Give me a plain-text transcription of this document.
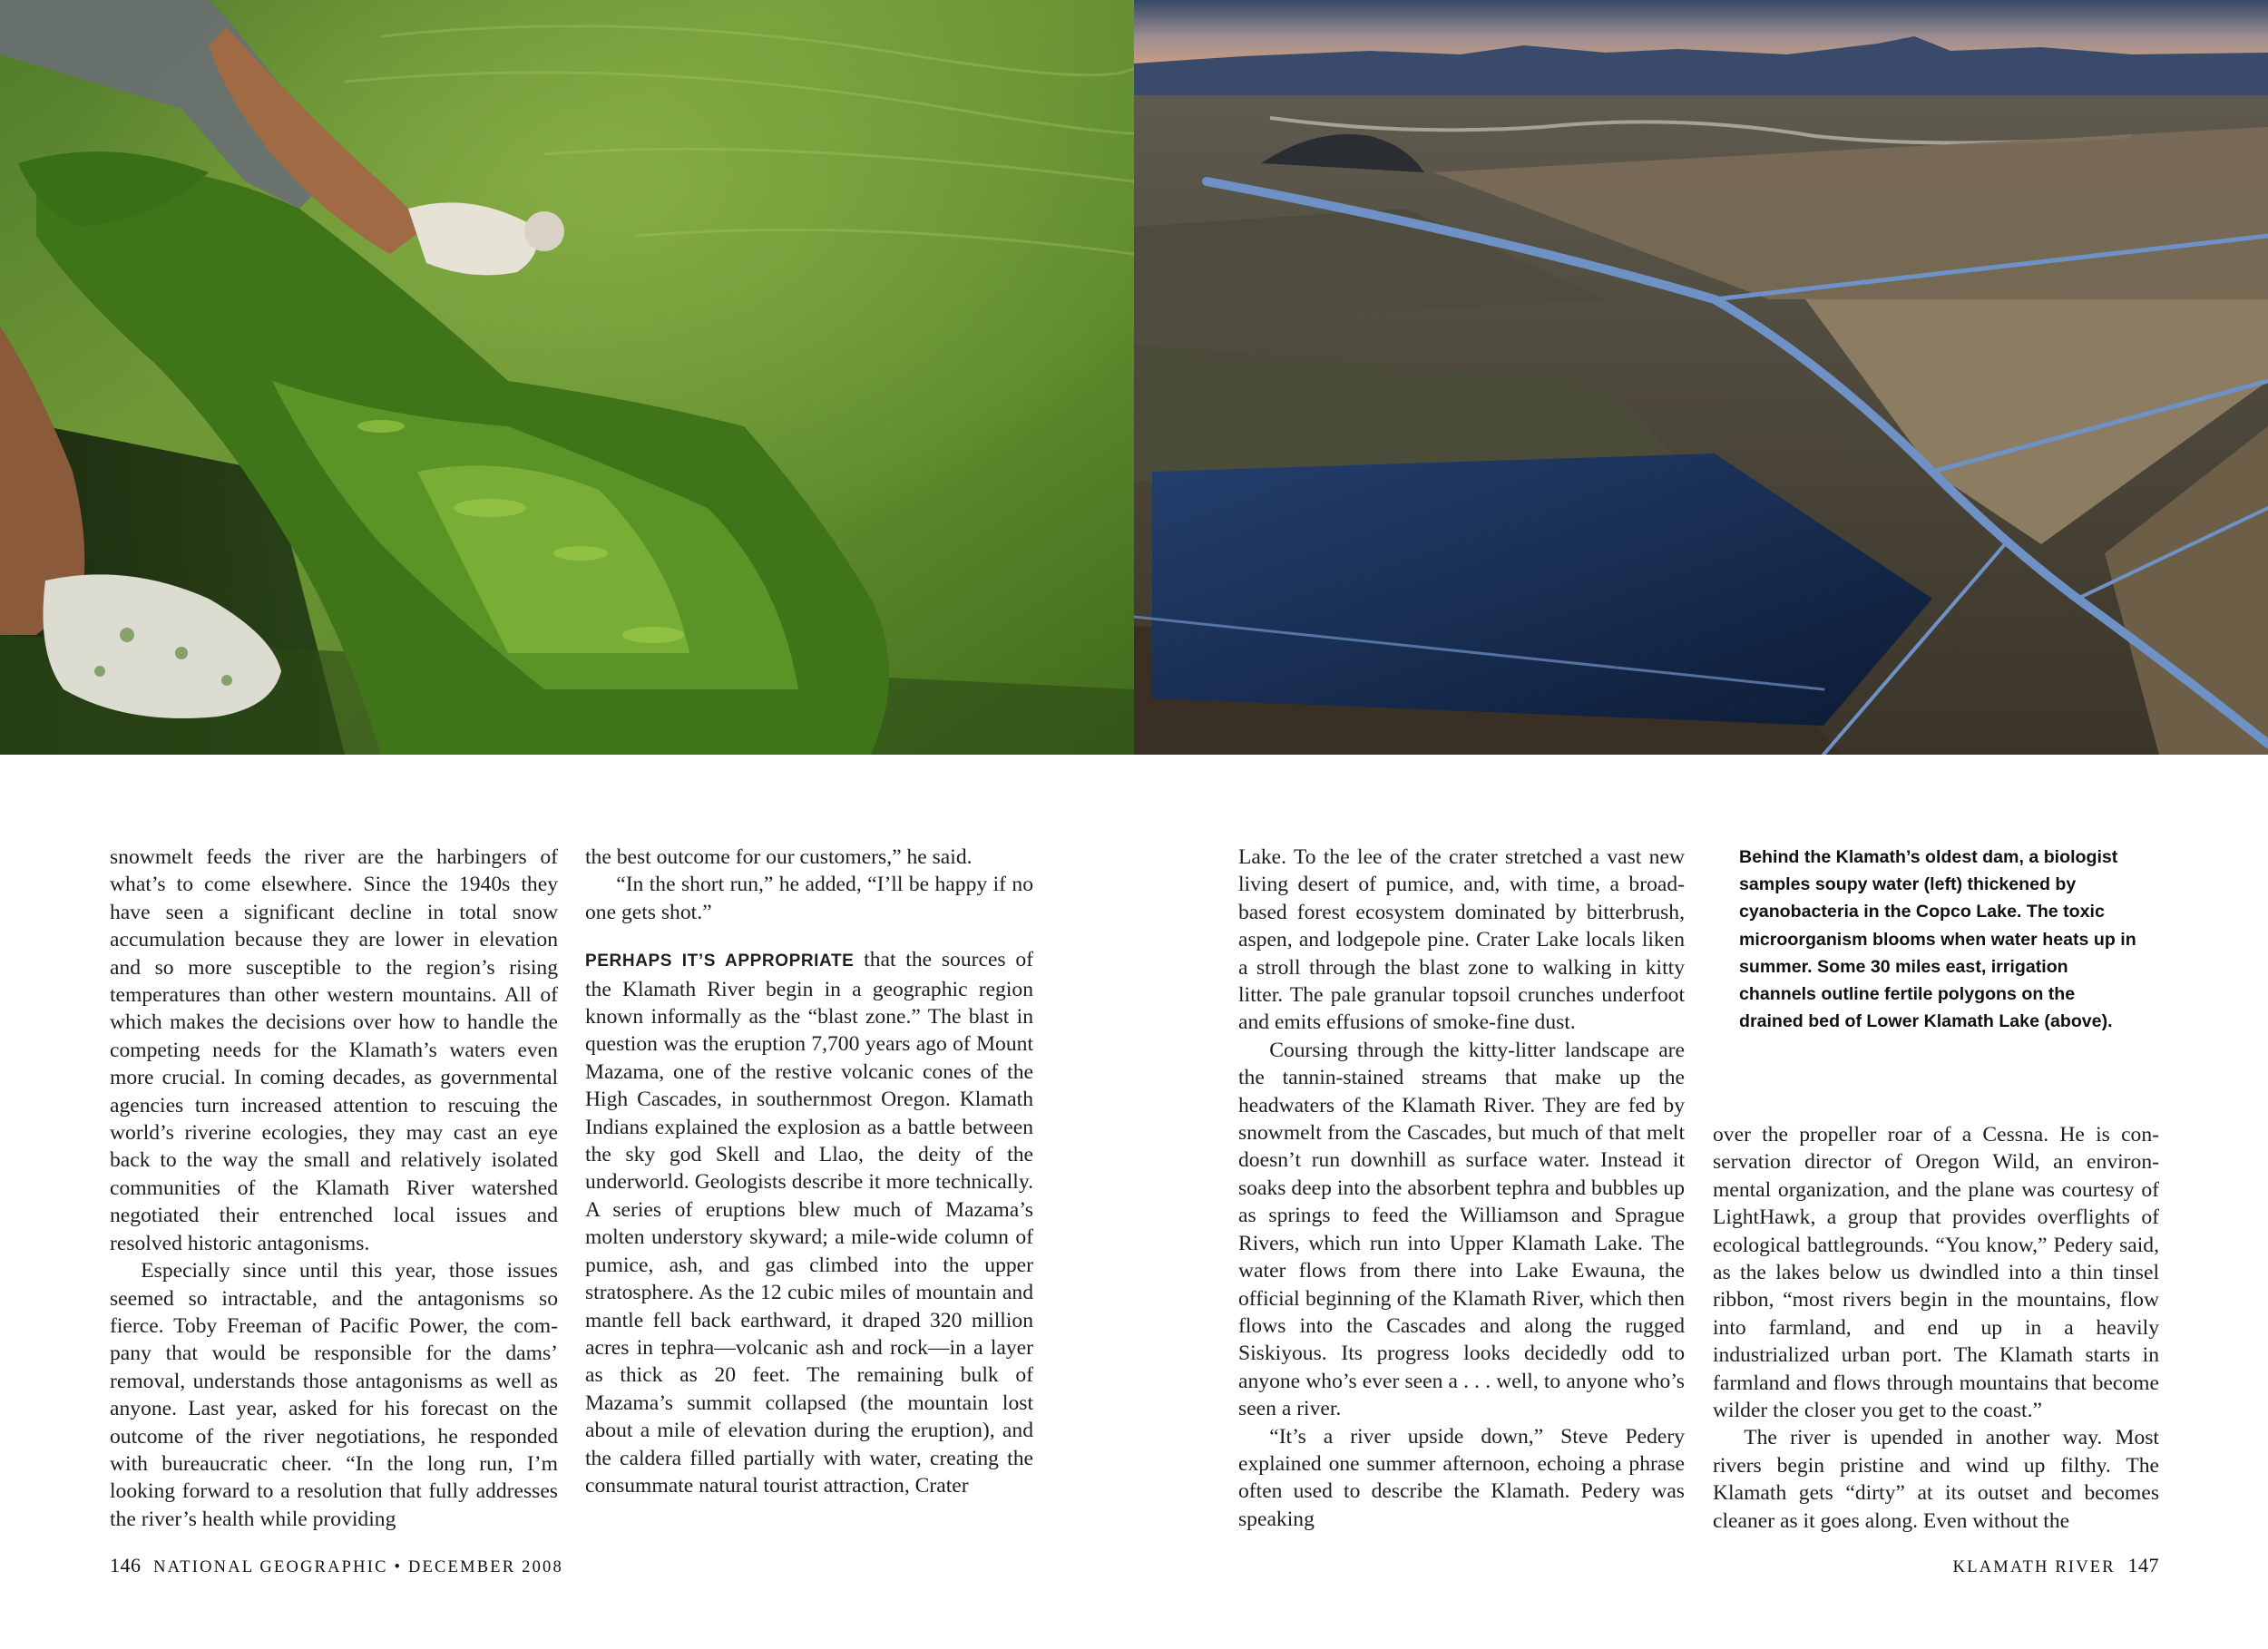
snowmelt feeds the river are the harbingers of what’s to come elsewhere. Since the 1940s they have seen a significant decline in total snow accumulation because they are lower in elevation and so more susceptible to the region’s rising temperatures than other western mountains. All of which makes the decisions over how to handle the competing needs for the Klamath’s waters even more crucial. In coming decades, as governmental agencies turn increased attention to rescuing the world’s riverine ecologies, they may cast an eye back to the way the small and relatively isolated communities of the Klamath River watershed negotiated their entrenched local issues and resolved historic antagonisms.

Especially since until this year, those issues seemed so intractable, and the antagonisms so fierce. Toby Freeman of Pacific Power, the company that would be responsible for the dams’ removal, understands those antagonisms as well as anyone. Last year, asked for his forecast on the outcome of the river negotiations, he responded with bureaucratic cheer. “In the long run, I’m looking forward to a resolution that fully addresses the river’s health while providing

the best outcome for our customers,” he said.

“In the short run,” he added, “I’ll be happy if no one gets shot.”

PERHAPS IT’S APPROPRIATE that the sources of the Klamath River begin in a geographic region known informally as the “blast zone.” The blast in question was the eruption 7,700 years ago of Mount Mazama, one of the restive volcanic cones of the High Cascades, in southernmost Oregon. Klamath Indians explained the explosion as a battle between the sky god Skell and Llao, the deity of the underworld. Geologists describe it more technically. A series of eruptions blew much of Mazama’s molten understory skyward; a mile-wide column of pumice, ash, and gas climbed into the upper stratosphere. As the 12 cubic miles of mountain and mantle fell back earthward, it draped 320 million acres in tephra—volcanic ash and rock—in a layer as thick as 20 feet. The remaining bulk of Mazama’s summit collapsed (the mountain lost about a mile of elevation during the eruption), and the caldera filled partially with water, creating the consummate natural tourist attraction, Crater

Lake. To the lee of the crater stretched a vast new living desert of pumice, and, with time, a broad-based forest ecosystem dominated by bitterbrush, aspen, and lodgepole pine. Crater Lake locals liken a stroll through the blast zone to walking in kitty litter. The pale granular topsoil crunches underfoot and emits effusions of smoke-fine dust.

Coursing through the kitty-litter landscape are the tannin-stained streams that make up the headwaters of the Klamath River. They are fed by snowmelt from the Cascades, but much of that melt doesn’t run downhill as surface water. Instead it soaks deep into the absorbent tephra and bubbles up as springs to feed the Williamson and Sprague Rivers, which run into Upper Klamath Lake. The water flows from there into Lake Ewauna, the official beginning of the Klamath River, which then flows into the Cascades and along the rugged Siskiyous. Its progress looks decidedly odd to anyone who’s ever seen a . . . well, to anyone who’s seen a river.

“It’s a river upside down,” Steve Pedery explained one summer afternoon, echoing a phrase often used to describe the Klamath. Pedery was speaking

Behind the Klamath’s oldest dam, a biologist samples soupy water (left) thickened by cyanobacteria in the Copco Lake. The toxic microorganism blooms when water heats up in summer. Some 30 miles east, irrigation channels outline fertile polygons on the drained bed of Lower Klamath Lake (above).

over the propeller roar of a Cessna. He is conservation director of Oregon Wild, an environmental organization, and the plane was courtesy of LightHawk, a group that provides overflights of ecological battlegrounds. “You know,” Pedery said, as the lakes below us dwindled into a thin tinsel ribbon, “most rivers begin in the mountains, flow into farmland, and end up in a heavily industrialized urban port. The Klamath starts in farmland and flows through mountains that become wilder the closer you get to the coast.”

The river is upended in another way. Most rivers begin pristine and wind up filthy. The Klamath gets “dirty” at its outset and becomes cleaner as it goes along. Even without the

146 NATIONAL GEOGRAPHIC • DECEMBER 2008	KLAMATH RIVER 147
